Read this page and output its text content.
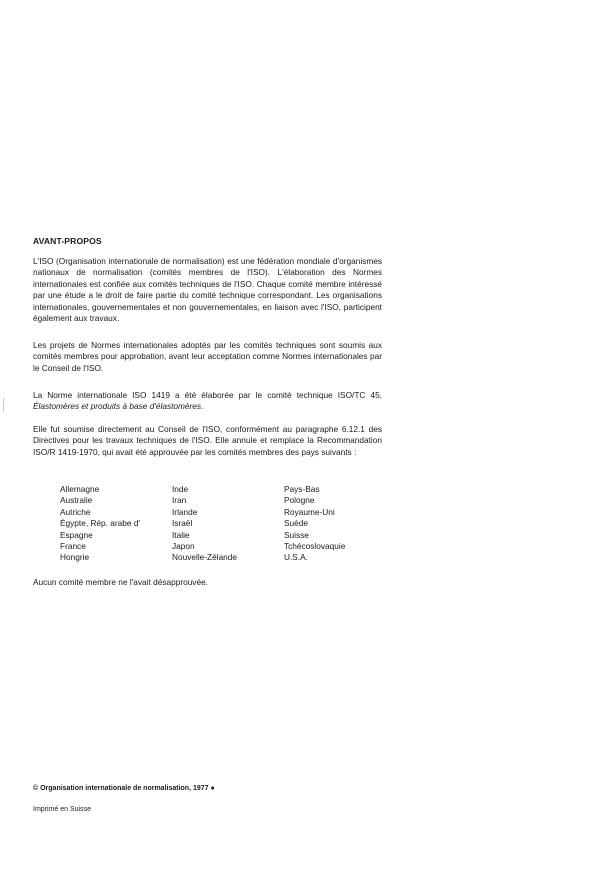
AVANT-PROPOS

L'ISO (Organisation internationale de normalisation) est une fédération mondiale d'organismes nationaux de normalisation (comités membres de l'ISO). L'élaboration des Normes internationales est confiée aux comités techniques de l'ISO. Chaque comité membre intéressé par une étude a le droit de faire partie du comité technique correspondant. Les organisations internationales, gouvernementales et non gouvernementales, en liaison avec l'ISO, participent également aux travaux.

Les projets de Normes internationales adoptés par les comités techniques sont soumis aux comités membres pour approbation, avant leur acceptation comme Normes internationales par le Conseil de l'ISO.

La Norme internationale ISO 1419 a été élaborée par le comité technique ISO/TC 45, Élastomères et produits à base d'élastomères.

Elle fut soumise directement au Conseil de l'ISO, conformément au paragraphe 6.12.1 des Directives pour les travaux techniques de l'ISO. Elle annule et remplace la Recommandation ISO/R 1419-1970, qui avait été approuvée par les comités membres des pays suivants :

Allemagne
Australie
Autriche
Égypte, Rép. arabe d'
Espagne
France
Hongrie
Inde
Iran
Irlande
Israël
Italie
Japon
Nouvelle-Zélande
Pays-Bas
Pologne
Royaume-Uni
Suède
Suisse
Tchécoslovaquie
U.S.A.
Aucun comité membre ne l'avait désapprouvée.
© Organisation internationale de normalisation, 1977 ●
Imprimé en Suisse
